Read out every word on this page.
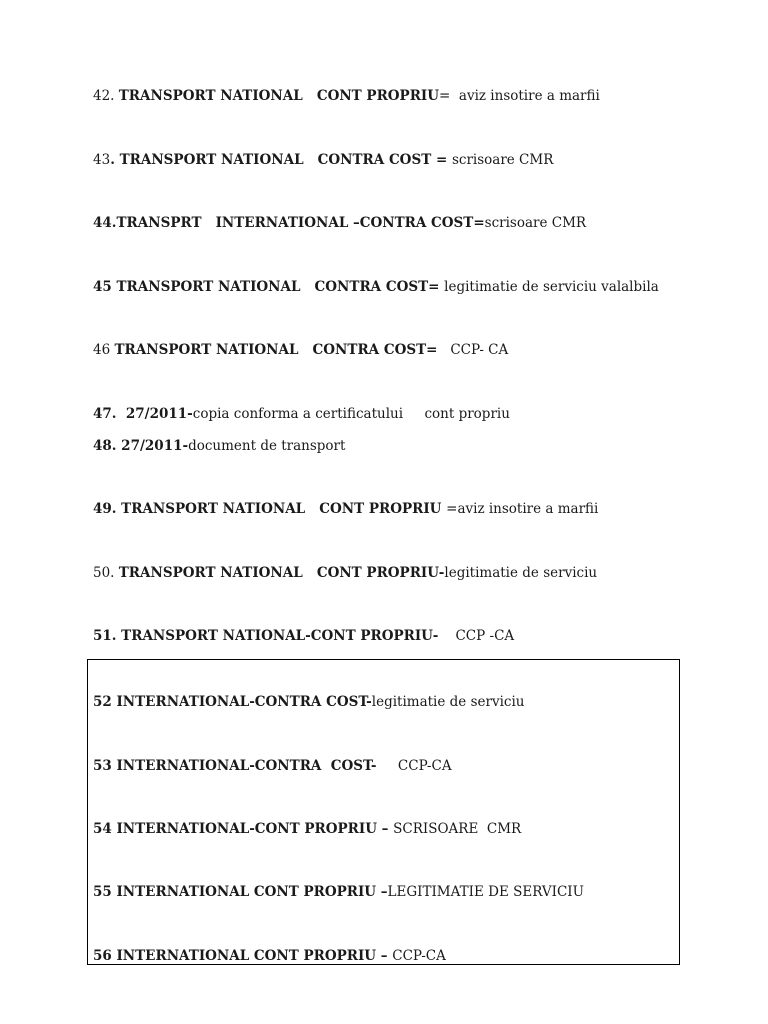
42. TRANSPORT NATIONAL   CONT PROPRIU=  aviz insotire a marfii
43. TRANSPORT NATIONAL   CONTRA COST = scrisoare CMR
44.TRANSPRT   INTERNATIONAL –CONTRA COST=scrisoare CMR
45 TRANSPORT NATIONAL   CONTRA COST= legitimatie de serviciu valalbila
46 TRANSPORT NATIONAL   CONTRA COST=   CCP- CA
47.  27/2011-copia conforma a certificatului     cont propriu
48. 27/2011-document de transport
49. TRANSPORT NATIONAL   CONT PROPRIU =aviz insotire a marfii
50. TRANSPORT NATIONAL   CONT PROPRIU-legitimatie de serviciu
51. TRANSPORT NATIONAL-CONT PROPRIU-    CCP -CA
52 INTERNATIONAL-CONTRA COST-legitimatie de serviciu
53 INTERNATIONAL-CONTRA  COST-     CCP-CA
54 INTERNATIONAL-CONT PROPRIU – SCRISOARE  CMR
55 INTERNATIONAL CONT PROPRIU –LEGITIMATIE DE SERVICIU
56 INTERNATIONAL CONT PROPRIU – CCP-CA
